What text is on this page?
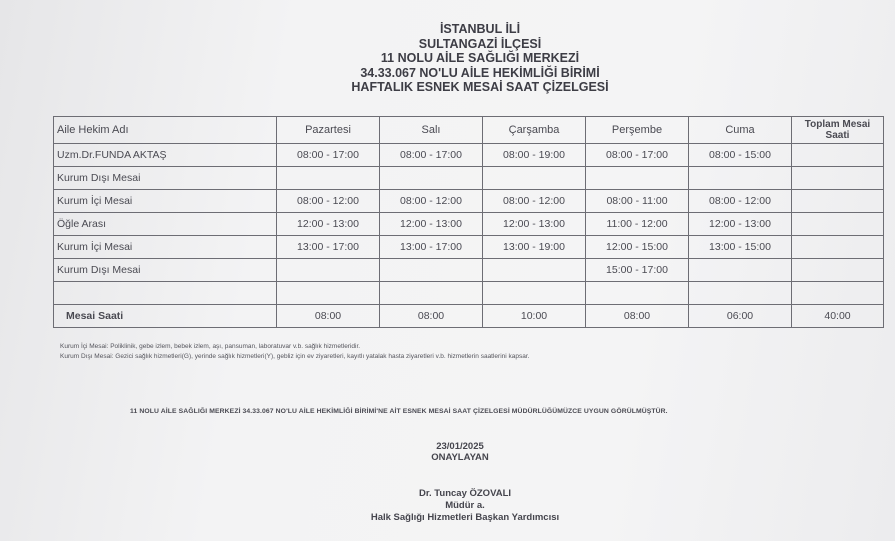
İSTANBUL İLİ
SULTANGAZİ İLÇESİ
11 NOLU AİLE SAĞLIĞI MERKEZİ
34.33.067 NO'LU AİLE HEKİMLİĞİ BİRİMİ
HAFTALIK ESNEK MESAİ SAAT ÇİZELGESİ
Aile Hekim Adı	Pazartesi	Salı	Çarşamba	Perşembe	Cuma	Toplam Mesai Saati
Uzm.Dr.FUNDA AKTAŞ	08:00 - 17:00	08:00 - 17:00	08:00 - 19:00	08:00 - 17:00	08:00 - 15:00	
Kurum Dışı Mesai						
Kurum İçi Mesai	08:00 - 12:00	08:00 - 12:00	08:00 - 12:00	08:00 - 11:00	08:00 - 12:00	
Öğle Arası	12:00 - 13:00	12:00 - 13:00	12:00 - 13:00	11:00 - 12:00	12:00 - 13:00	
Kurum İçi Mesai	13:00 - 17:00	13:00 - 17:00	13:00 - 19:00	12:00 - 15:00	13:00 - 15:00	
Kurum Dışı Mesai				15:00 - 17:00		

Mesai Saati	08:00	08:00	10:00	08:00	06:00	40:00
Kurum İçi Mesai: Poliklinik, gebe izlem, bebek izlem, aşı, pansuman, laboratuvar v.b. sağlık hizmetleridir.
Kurum Dışı Mesai: Gezici sağlık hizmetleri(G), yerinde sağlık hizmetleri(Y), gebliz için ev ziyaretleri, kayıtlı yatalak hasta ziyaretleri v.b. hizmetlerin saatlerini kapsar.
11 NOLU AİLE SAĞLIĞI MERKEZİ 34.33.067 NO'LU AİLE HEKİMLİĞİ BİRİMİ'NE AİT ESNEK MESAİ SAAT ÇİZELGESİ MÜDÜRLÜĞÜMÜZCE UYGUN GÖRÜLMÜŞTÜR.
23/01/2025
ONAYLAYAN
Dr. Tuncay ÖZOVALI
Müdür a.
Halk Sağlığı Hizmetleri Başkan Yardımcısı
